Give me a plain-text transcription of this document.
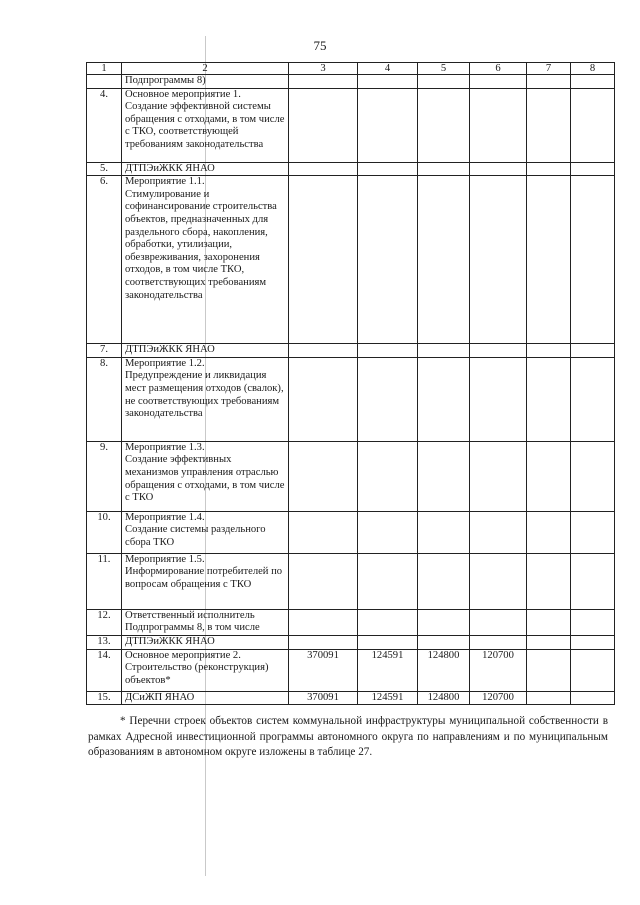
75
1	2	3	4	5	6	7	8
	Подпрограммы 8)						
4.	Основное мероприятие 1.
Создание эффективной системы обращения с отходами, в том числе с ТКО, соответствующей требованиям законодательства						
5.	ДТПЭиЖКК ЯНАО						
6.	Мероприятие 1.1.
Стимулирование и софинансирование строительства объектов, предназначенных для раздельного сбора, накопления, обработки, утилизации, обезвреживания, захоронения отходов, в том числе ТКО, соответствующих требованиям законодательства						
7.	ДТПЭиЖКК ЯНАО						
8.	Мероприятие 1.2.
Предупреждение и ликвидация мест размещения отходов (свалок), не соответствующих требованиям законодательства						
9.	Мероприятие 1.3.
Создание эффективных механизмов управления отраслью обращения с отходами, в том числе с ТКО						
10.	Мероприятие 1.4.
Создание системы раздельного сбора ТКО						
11.	Мероприятие 1.5.
Информирование потребителей по вопросам обращения с ТКО						
12.	Ответственный исполнитель Подпрограммы 8, в том числе						
13.	ДТПЭиЖКК ЯНАО						
14.	Основное мероприятие 2.
Строительство (реконструкция) объектов*	370091	124591	124800	120700		
15.	ДСиЖП ЯНАО	370091	124591	124800	120700		

* Перечни строек объектов систем коммунальной инфраструктуры муниципальной собственности в рамках Адресной инвестиционной программы автономного округа по направлениям и по муниципальным образованиям в автономном округе изложены в таблице 27.
